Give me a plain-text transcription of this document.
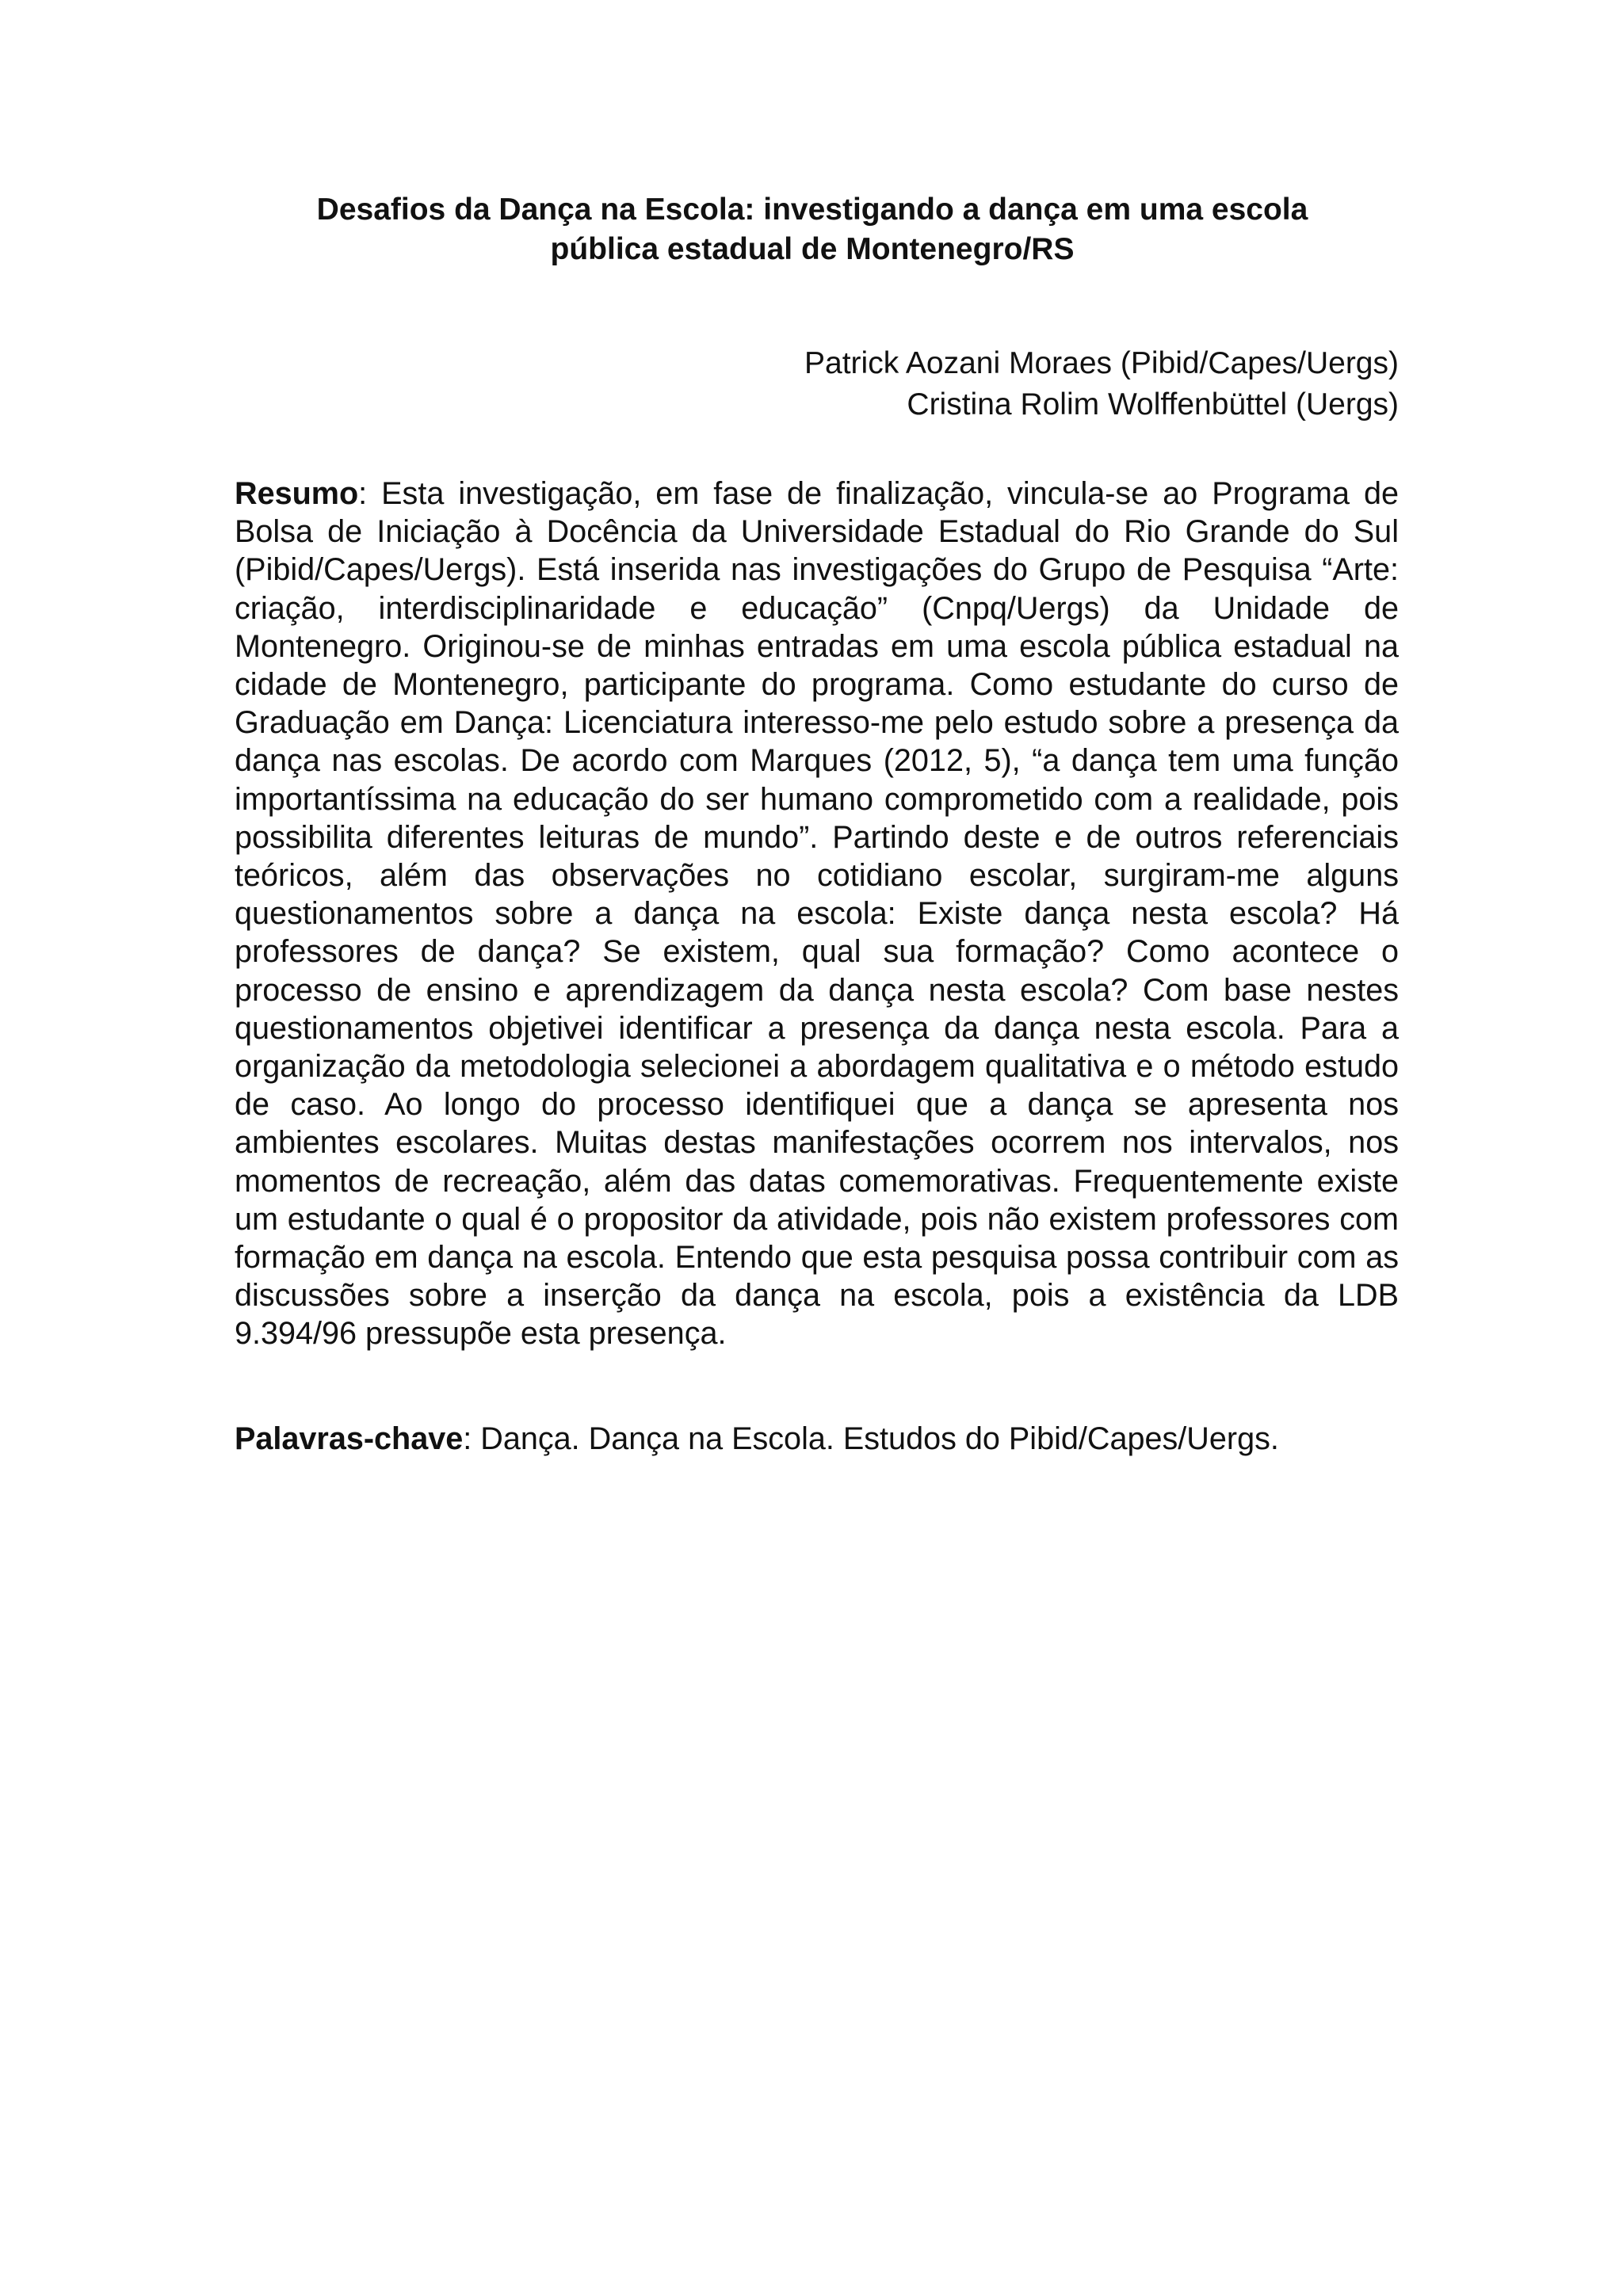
Desafios da Dança na Escola: investigando a dança em uma escola
pública estadual de Montenegro/RS
Patrick Aozani Moraes (Pibid/Capes/Uergs)
Cristina Rolim Wolffenbüttel (Uergs)

Resumo: Esta investigação, em fase de finalização, vincula-se ao Programa de Bolsa de Iniciação à Docência da Universidade Estadual do Rio Grande do Sul (Pibid/Capes/Uergs). Está inserida nas investigações do Grupo de Pesquisa “Arte: criação, interdisciplinaridade e educação” (Cnpq/Uergs) da Unidade de Montenegro. Originou-se de minhas entradas em uma escola pública estadual na cidade de Montenegro, participante do programa. Como estudante do curso de Graduação em Dança: Licenciatura interesso-me pelo estudo sobre a presença da dança nas escolas. De acordo com Marques (2012, 5), “a dança tem uma função importantíssima na educação do ser humano comprometido com a realidade, pois possibilita diferentes leituras de mundo”. Partindo deste e de outros referenciais teóricos, além das observações no cotidiano escolar, surgiram-me alguns questionamentos sobre a dança na escola: Existe dança nesta escola? Há professores de dança? Se existem, qual sua formação? Como acontece o processo de ensino e aprendizagem da dança nesta escola? Com base nestes questionamentos objetivei identificar a presença da dança nesta escola. Para a organização da metodologia selecionei a abordagem qualitativa e o método estudo de caso. Ao longo do processo identifiquei que a dança se apresenta nos ambientes escolares. Muitas destas manifestações ocorrem nos intervalos, nos momentos de recreação, além das datas comemorativas. Frequentemente existe um estudante o qual é o propositor da atividade, pois não existem professores com formação em dança na escola. Entendo que esta pesquisa possa contribuir com as discussões sobre a inserção da dança na escola, pois a existência da LDB 9.394/96 pressupõe esta presença.

Palavras-chave: Dança. Dança na Escola. Estudos do Pibid/Capes/Uergs.
